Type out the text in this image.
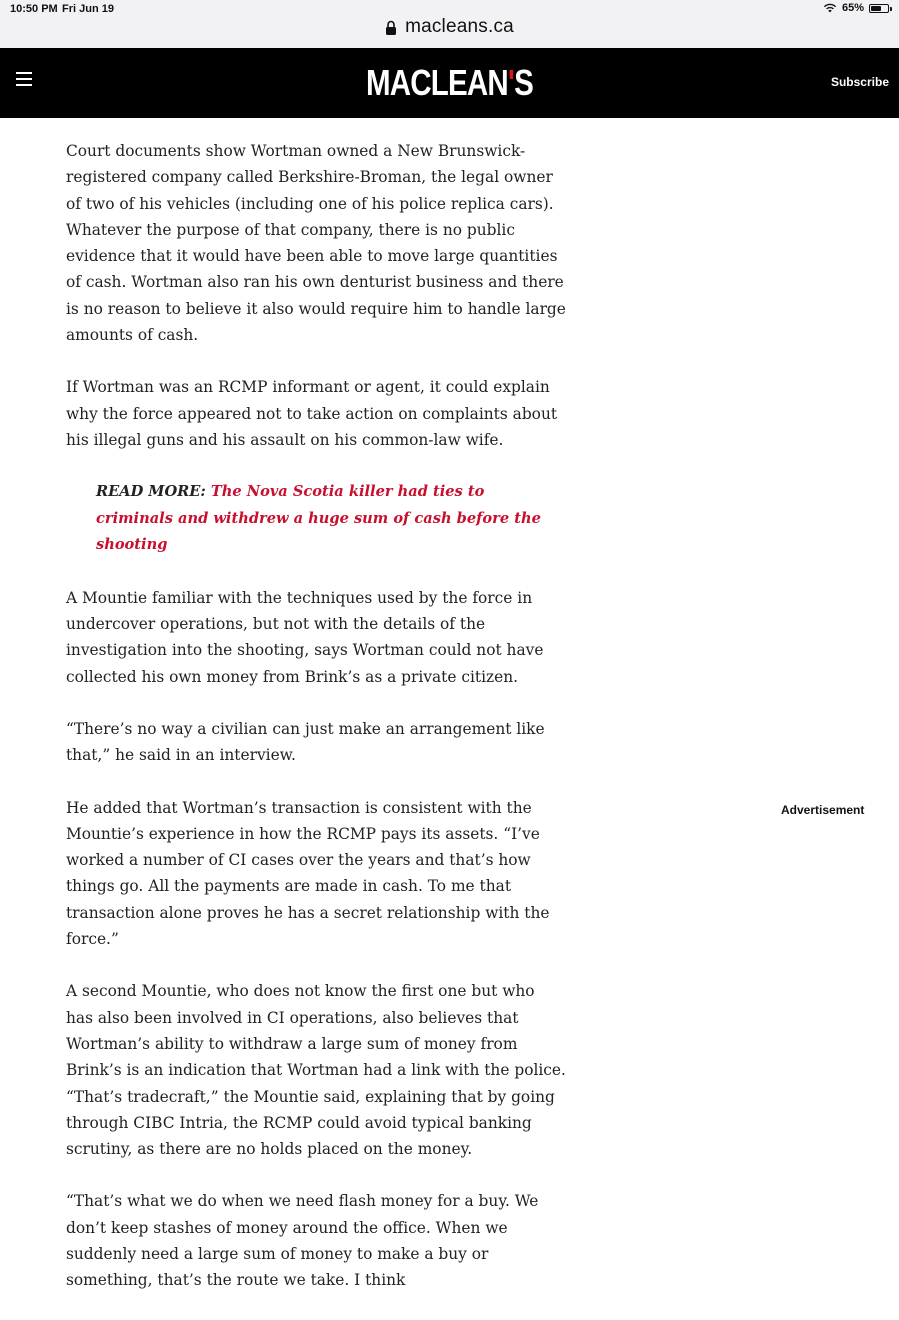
10:50 PM Fri Jun 19	65%
macleans.ca
MACLEAN'S	Subscribe

Court documents show Wortman owned a New Brunswick-registered company called Berkshire-Broman, the legal owner of two of his vehicles (including one of his police replica cars). Whatever the purpose of that company, there is no public evidence that it would have been able to move large quantities of cash. Wortman also ran his own denturist business and there is no reason to believe it also would require him to handle large amounts of cash.

If Wortman was an RCMP informant or agent, it could explain why the force appeared not to take action on complaints about his illegal guns and his assault on his common-law wife.

READ MORE: The Nova Scotia killer had ties to criminals and withdrew a huge sum of cash before the shooting

A Mountie familiar with the techniques used by the force in undercover operations, but not with the details of the investigation into the shooting, says Wortman could not have collected his own money from Brink’s as a private citizen.

“There’s no way a civilian can just make an arrangement like that,” he said in an interview.

He added that Wortman’s transaction is consistent with the Mountie’s experience in how the RCMP pays its assets. “I’ve worked a number of CI cases over the years and that’s how things go. All the payments are made in cash. To me that transaction alone proves he has a secret relationship with the force.”

A second Mountie, who does not know the first one but who has also been involved in CI operations, also believes that Wortman’s ability to withdraw a large sum of money from Brink’s is an indication that Wortman had a link with the police. “That’s tradecraft,” the Mountie said, explaining that by going through CIBC Intria, the RCMP could avoid typical banking scrutiny, as there are no holds placed on the money.

“That’s what we do when we need flash money for a buy. We don’t keep stashes of money around the office. When we suddenly need a large sum of money to make a buy or something, that’s the route we take. I think

Advertisement
